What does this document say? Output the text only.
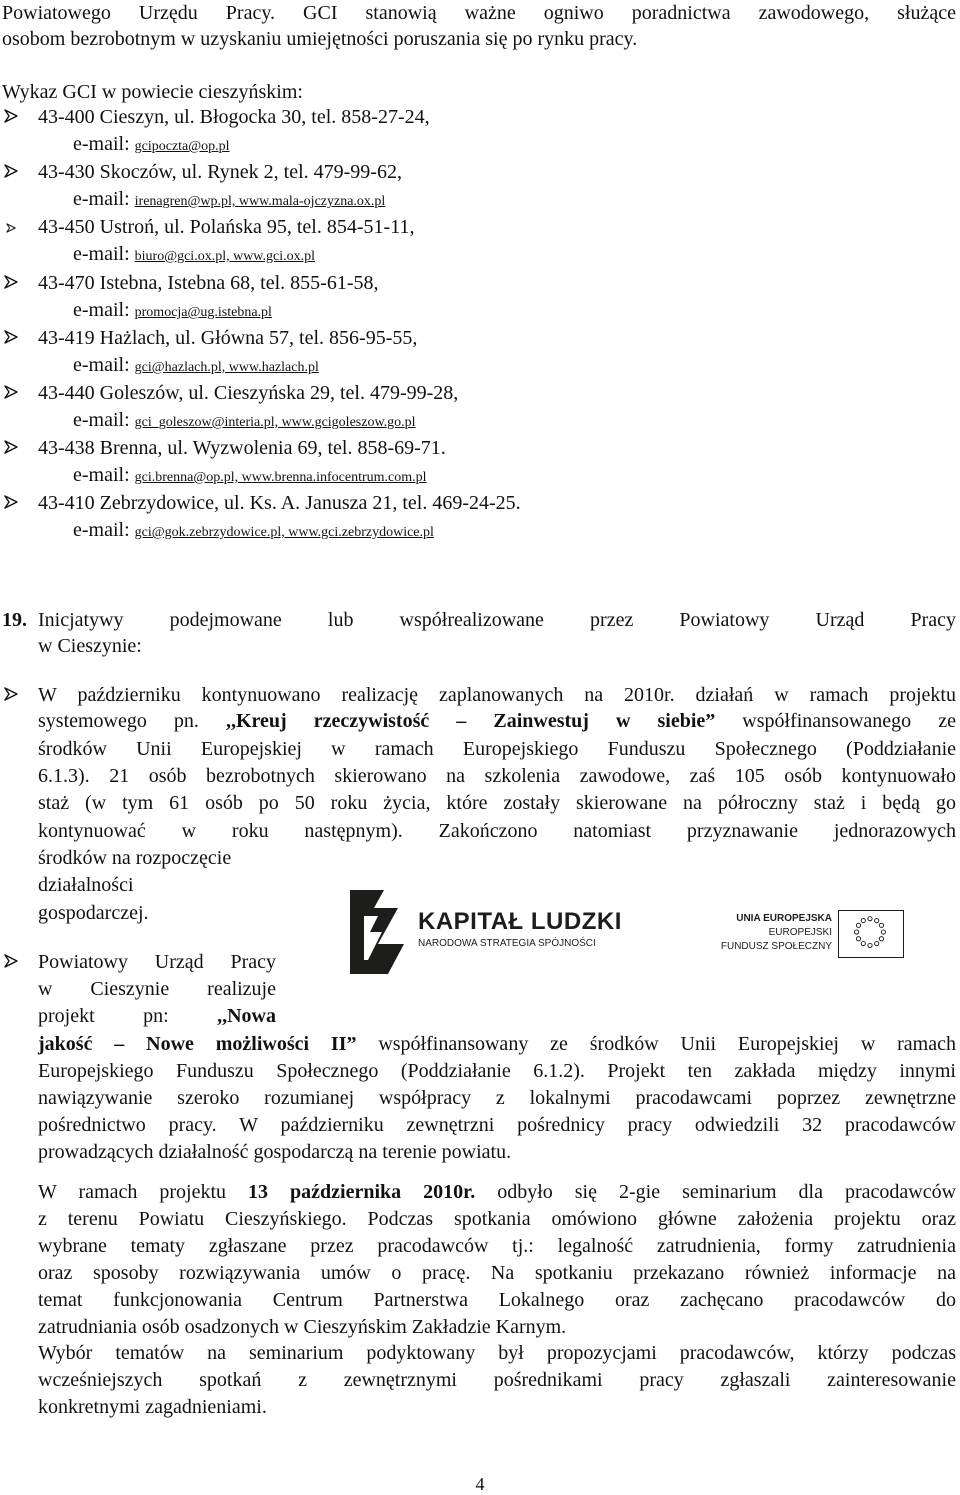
Powiatowego Urzędu Pracy. GCI stanowią ważne ogniwo poradnictwa zawodowego, służące

osobom bezrobotnym w uzyskaniu umiejętności poruszania się po rynku pracy.

Wykaz GCI w powiecie cieszyńskim:

43-400 Cieszyn, ul. Błogocka 30, tel. 858-27-24,

e-mail: gcipoczta@op.pl

43-430 Skoczów, ul. Rynek 2, tel. 479-99-62,

e-mail: irenagren@wp.pl, www.mala-ojczyzna.ox.pl

43-450 Ustroń, ul. Polańska 95, tel. 854-51-11,

e-mail: biuro@gci.ox.pl, www.gci.ox.pl

43-470 Istebna, Istebna 68, tel. 855-61-58,

e-mail: promocja@ug.istebna.pl

43-419 Hażlach, ul. Główna 57, tel. 856-95-55,

e-mail: gci@hazlach.pl, www.hazlach.pl

43-440 Goleszów, ul. Cieszyńska 29, tel. 479-99-28,

e-mail: gci_goleszow@interia.pl, www.gcigoleszow.go.pl

43-438 Brenna, ul. Wyzwolenia 69, tel. 858-69-71.

e-mail: gci.brenna@op.pl, www.brenna.infocentrum.com.pl

43-410 Zebrzydowice, ul. Ks. A. Janusza 21, tel. 469-24-25.

e-mail: gci@gok.zebrzydowice.pl, www.gci.zebrzydowice.pl

19. Inicjatywy podejmowane lub współrealizowane przez Powiatowy Urząd Pracy

w Cieszynie:

W październiku kontynuowano realizację zaplanowanych na 2010r. działań w ramach projektu

systemowego pn. ,,Kreuj rzeczywistość – Zainwestuj w siebie” współfinansowanego ze

środków Unii Europejskiej w ramach Europejskiego Funduszu Społecznego (Poddziałanie

6.1.3). 21 osób bezrobotnych skierowano na szkolenia zawodowe, zaś 105 osób kontynuowało

staż (w tym 61 osób po 50 roku życia, które zostały skierowane na półroczny staż i będą go

kontynuować w roku następnym). Zakończono natomiast przyznawanie jednorazowych

środków na rozpoczęcie

działalności

gospodarczej.	KAPITAŁ LUDZKI
NARODOWA STRATEGIA SPÓJNOŚCI
UNIA EUROPEJSKA
EUROPEJSKI
FUNDUSZ SPOŁECZNY

Powiatowy Urząd Pracy

w Cieszynie realizuje

projekt pn: ,,Nowa

jakość – Nowe możliwości II” współfinansowany ze środków Unii Europejskiej w ramach

Europejskiego Funduszu Społecznego (Poddziałanie 6.1.2). Projekt ten zakłada między innymi

nawiązywanie szeroko rozumianej współpracy z lokalnymi pracodawcami poprzez zewnętrzne

pośrednictwo pracy. W październiku zewnętrzni pośrednicy pracy odwiedzili 32 pracodawców

prowadzących działalność gospodarczą na terenie powiatu.

W ramach projektu 13 października 2010r. odbyło się 2-gie seminarium dla pracodawców

z terenu Powiatu Cieszyńskiego. Podczas spotkania omówiono główne założenia projektu oraz

wybrane tematy zgłaszane przez pracodawców tj.: legalność zatrudnienia, formy zatrudnienia

oraz sposoby rozwiązywania umów o pracę. Na spotkaniu przekazano również informacje na

temat funkcjonowania Centrum Partnerstwa Lokalnego oraz zachęcano pracodawców do

zatrudniania osób osadzonych w Cieszyńskim Zakładzie Karnym.

Wybór tematów na seminarium podyktowany był propozycjami pracodawców, którzy podczas

wcześniejszych spotkań z zewnętrznymi pośrednikami pracy zgłaszali zainteresowanie

konkretnymi zagadnieniami.

4
